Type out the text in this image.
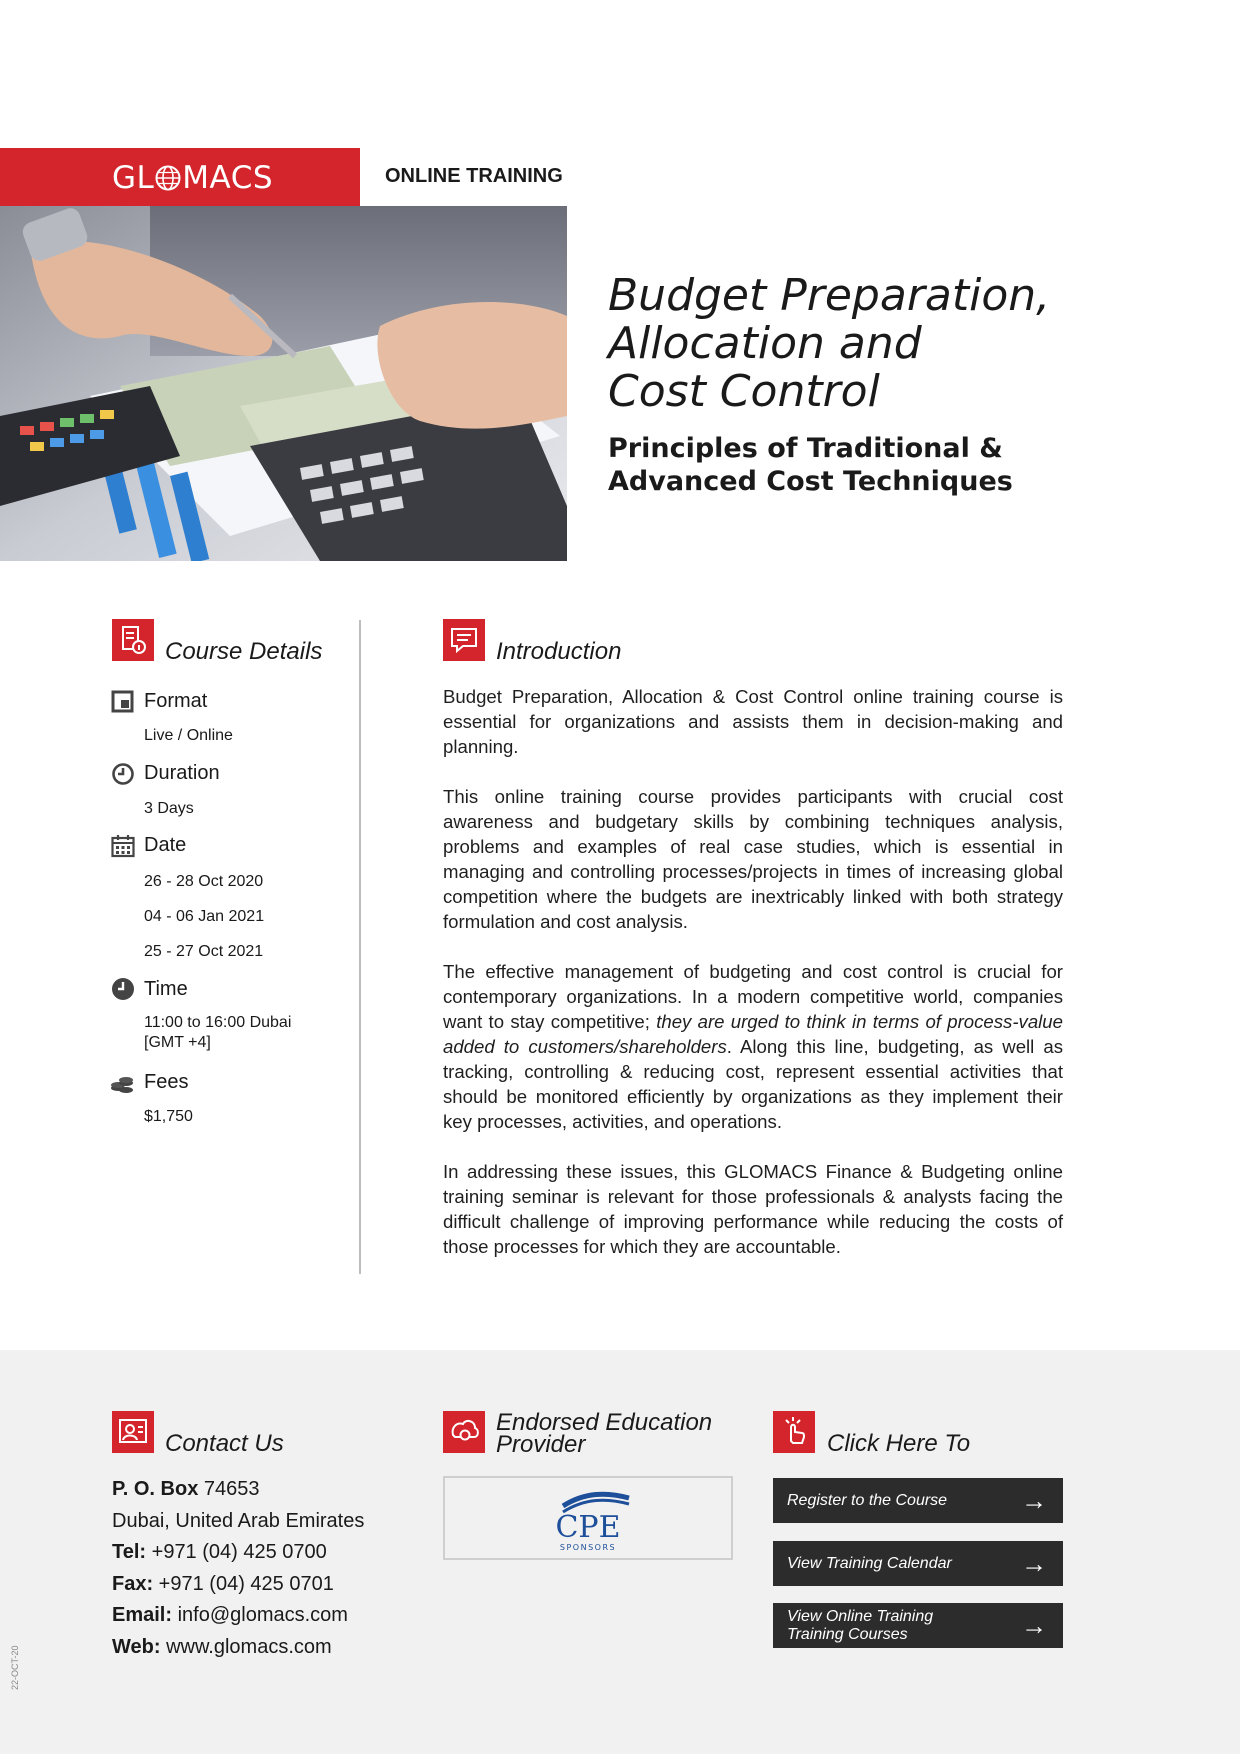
GL MACS	ONLINE TRAINING
Budget Preparation,
Allocation and
Cost Control
Principles of Traditional &
Advanced Cost Techniques
Course Details
Format
Live / Online
Duration
3 Days
Date
26 - 28 Oct 2020
04 - 06 Jan 2021
25 - 27 Oct 2021
Time
11:00 to 16:00 Dubai
[GMT +4]
Fees
$1,750
Introduction

Budget Preparation, Allocation & Cost Control online training course is essential for organizations and assists them in decision-making and planning.

This online training course provides participants with crucial cost awareness and budgetary skills by combining techniques analysis, problems and examples of real case studies, which is essential in managing and controlling processes/projects in times of increasing global competition where the budgets are inextricably linked with both strategy formulation and cost analysis.

The effective management of budgeting and cost control is crucial for contemporary organizations. In a modern competitive world, companies want to stay competitive; they are urged to think in terms of process-value added to customers/shareholders. Along this line, budgeting, as well as tracking, controlling & reducing cost, represent essential activities that should be monitored efficiently by organizations as they implement their key processes, activities, and operations.

In addressing these issues, this GLOMACS Finance & Budgeting online training seminar is relevant for those professionals & analysts facing the difficult challenge of improving performance while reducing the costs of those processes for which they are accountable.

Contact Us
P. O. Box 74653
Dubai, United Arab Emirates
Tel: +971 (04) 425 0700
Fax: +971 (04) 425 0701
Email: info@glomacs.com
Web: www.glomacs.com
Endorsed Education
Provider
CPE
SPONSORS
Click Here To
Register to the Course	→
View Training Calendar	→
View Online Training
Training Courses	→
22-OCT-20
